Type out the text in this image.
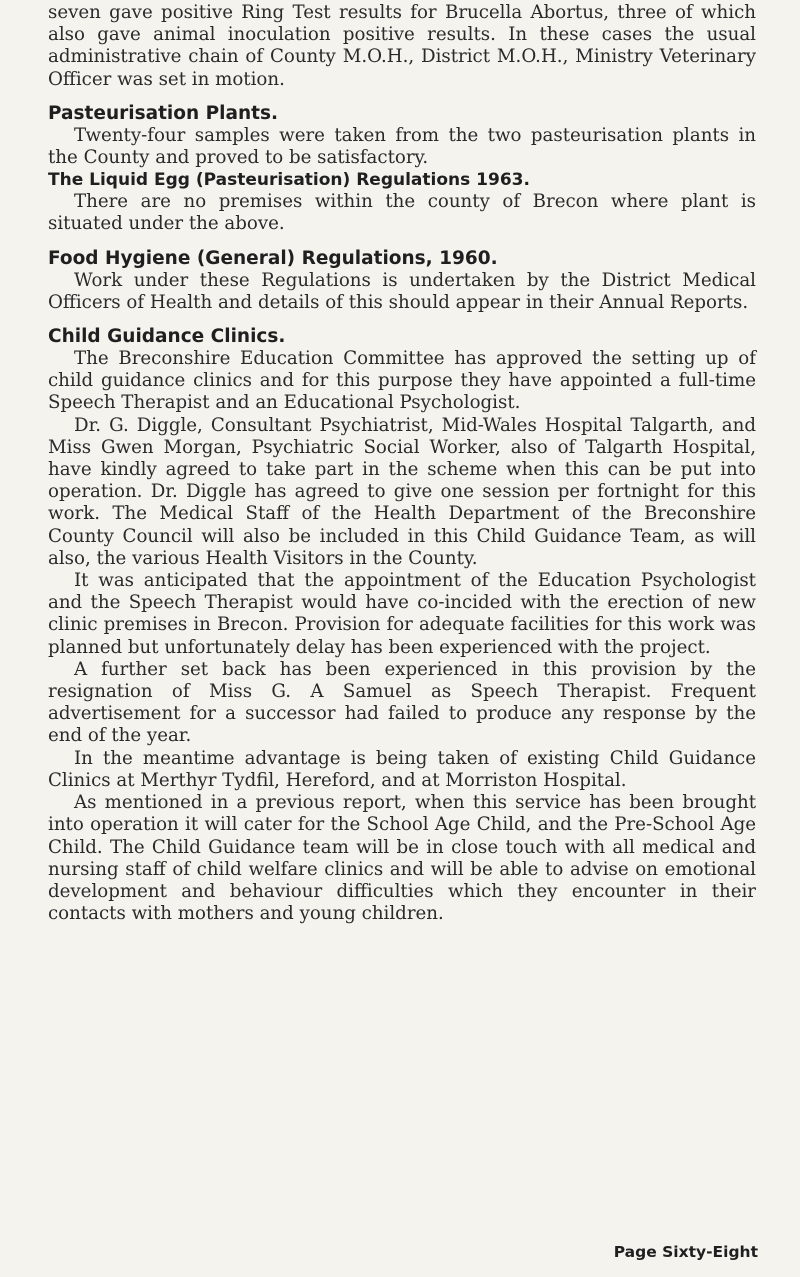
seven gave positive Ring Test results for Brucella Abortus, three of which also gave animal inoculation positive results. In these cases the usual administrative chain of County M.O.H., District M.O.H., Ministry Veterinary Officer was set in motion.

Pasteurisation Plants.

Twenty-four samples were taken from the two pasteurisation plants in the County and proved to be satisfactory.

The Liquid Egg (Pasteurisation) Regulations 1963.

There are no premises within the county of Brecon where plant is situated under the above.

Food Hygiene (General) Regulations, 1960.

Work under these Regulations is undertaken by the District Medical Officers of Health and details of this should appear in their Annual Reports.

Child Guidance Clinics.

The Breconshire Education Committee has approved the setting up of child guidance clinics and for this purpose they have appointed a full-time Speech Therapist and an Educational Psychologist.

Dr. G. Diggle, Consultant Psychiatrist, Mid-Wales Hospital Talgarth, and Miss Gwen Morgan, Psychiatric Social Worker, also of Talgarth Hospital, have kindly agreed to take part in the scheme when this can be put into operation. Dr. Diggle has agreed to give one session per fortnight for this work. The Medical Staff of the Health Department of the Breconshire County Council will also be included in this Child Guidance Team, as will also, the various Health Visitors in the County.

It was anticipated that the appointment of the Education Psychologist and the Speech Therapist would have co-incided with the erection of new clinic premises in Brecon. Provision for adequate facilities for this work was planned but unfortunately delay has been experienced with the project.

A further set back has been experienced in this provision by the resignation of Miss G. A Samuel as Speech Therapist. Frequent advertisement for a successor had failed to produce any response by the end of the year.

In the meantime advantage is being taken of existing Child Guidance Clinics at Merthyr Tydfil, Hereford, and at Morriston Hospital.

As mentioned in a previous report, when this service has been brought into operation it will cater for the School Age Child, and the Pre-School Age Child. The Child Guidance team will be in close touch with all medical and nursing staff of child welfare clinics and will be able to advise on emotional development and behaviour difficulties which they encounter in their contacts with mothers and young children.

Page Sixty-Eight
